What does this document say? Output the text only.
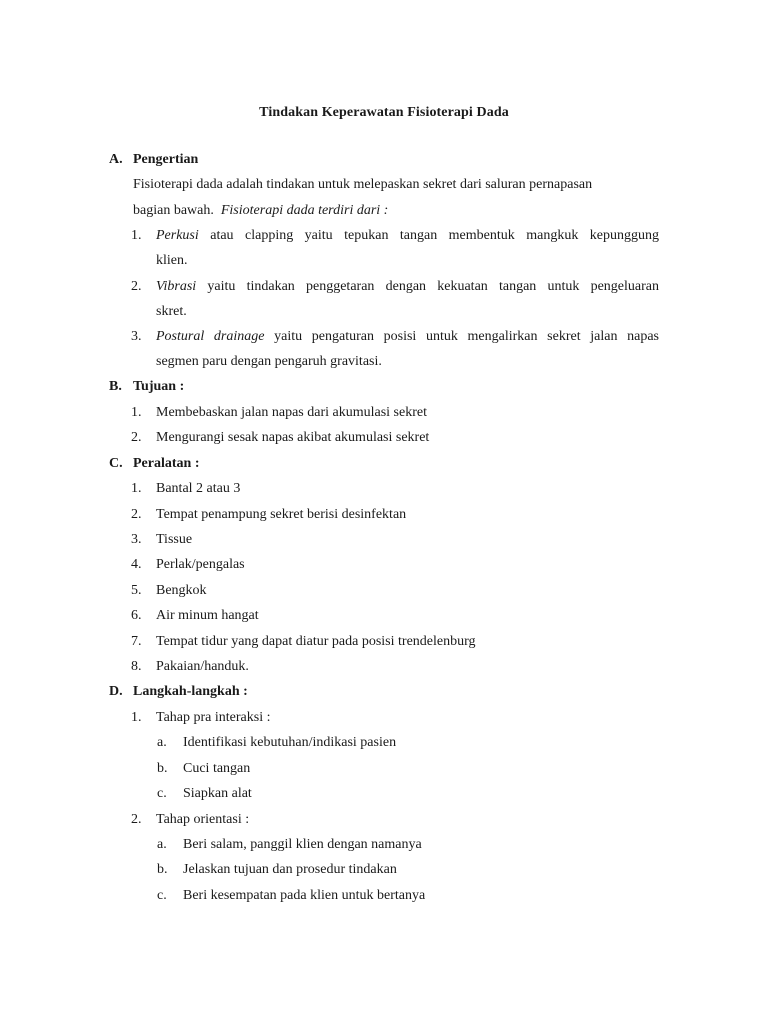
Tindakan Keperawatan Fisioterapi Dada
A. Pengertian
Fisioterapi dada adalah tindakan untuk melepaskan sekret dari saluran pernapasan
bagian bawah. Fisioterapi dada terdiri dari :
1. Perkusi atau clapping yaitu tepukan tangan membentuk mangkuk kepunggung
klien.
2. Vibrasi yaitu tindakan penggetaran dengan kekuatan tangan untuk pengeluaran
skret.
3. Postural drainage yaitu pengaturan posisi untuk mengalirkan sekret jalan napas
segmen paru dengan pengaruh gravitasi.
B. Tujuan :
1. Membebaskan jalan napas dari akumulasi sekret
2. Mengurangi sesak napas akibat akumulasi sekret
C. Peralatan :
1. Bantal 2 atau 3
2. Tempat penampung sekret berisi desinfektan
3. Tissue
4. Perlak/pengalas
5. Bengkok
6. Air minum hangat
7. Tempat tidur yang dapat diatur pada posisi trendelenburg
8. Pakaian/handuk.
D. Langkah-langkah :
1. Tahap pra interaksi :
a. Identifikasi kebutuhan/indikasi pasien
b. Cuci tangan
c. Siapkan alat
2. Tahap orientasi :
a. Beri salam, panggil klien dengan namanya
b. Jelaskan tujuan dan prosedur tindakan
c. Beri kesempatan pada klien untuk bertanya
